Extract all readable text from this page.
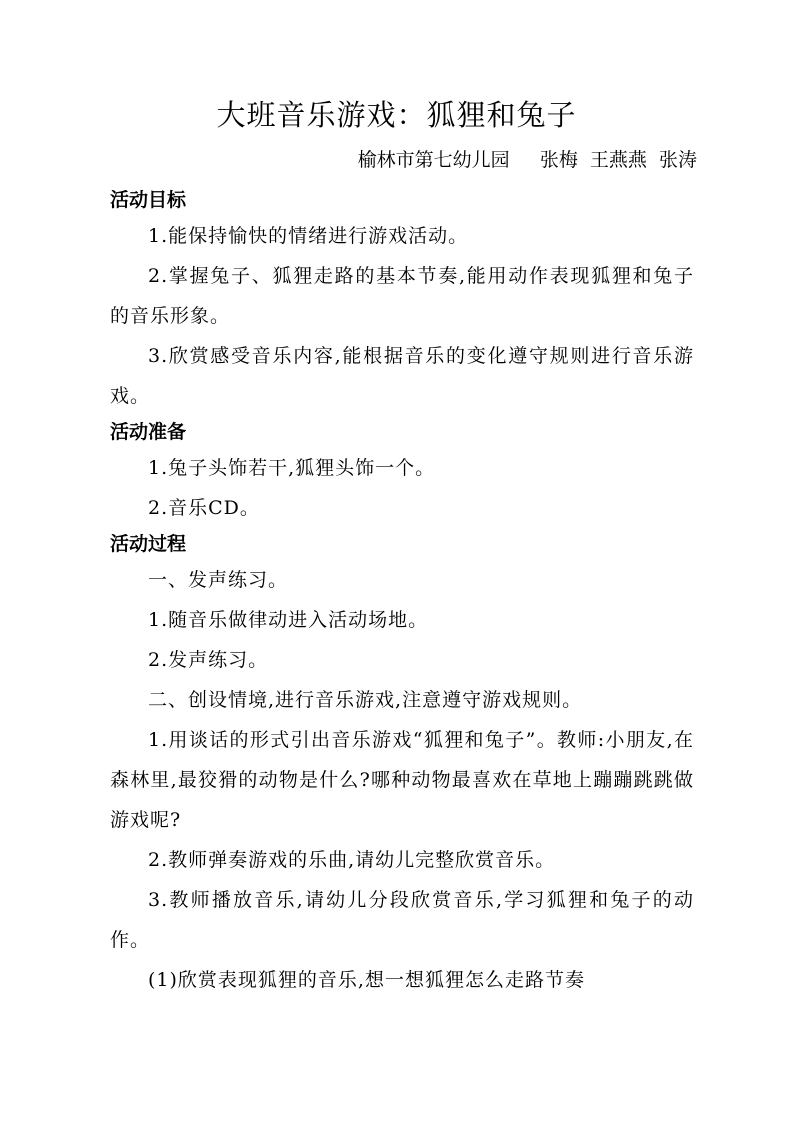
大班音乐游戏：狐狸和兔子
榆林市第七幼儿园     张梅  王燕燕  张涛
活动目标

1.能保持愉快的情绪进行游戏活动。

2.掌握兔子、狐狸走路的基本节奏,能用动作表现狐狸和兔子的音乐形象。

3.欣赏感受音乐内容,能根据音乐的变化遵守规则进行音乐游戏。

活动准备

1.兔子头饰若干,狐狸头饰一个。

2.音乐CD。

活动过程

一、发声练习。

1.随音乐做律动进入活动场地。

2.发声练习。

二、创设情境,进行音乐游戏,注意遵守游戏规则。

1.用谈话的形式引出音乐游戏“狐狸和兔子”。教师:小朋友,在森林里,最狡猾的动物是什么?哪种动物最喜欢在草地上蹦蹦跳跳做游戏呢?

2.教师弹奏游戏的乐曲,请幼儿完整欣赏音乐。

3.教师播放音乐,请幼儿分段欣赏音乐,学习狐狸和兔子的动作。

(1)欣赏表现狐狸的音乐,想一想狐狸怎么走路节奏
